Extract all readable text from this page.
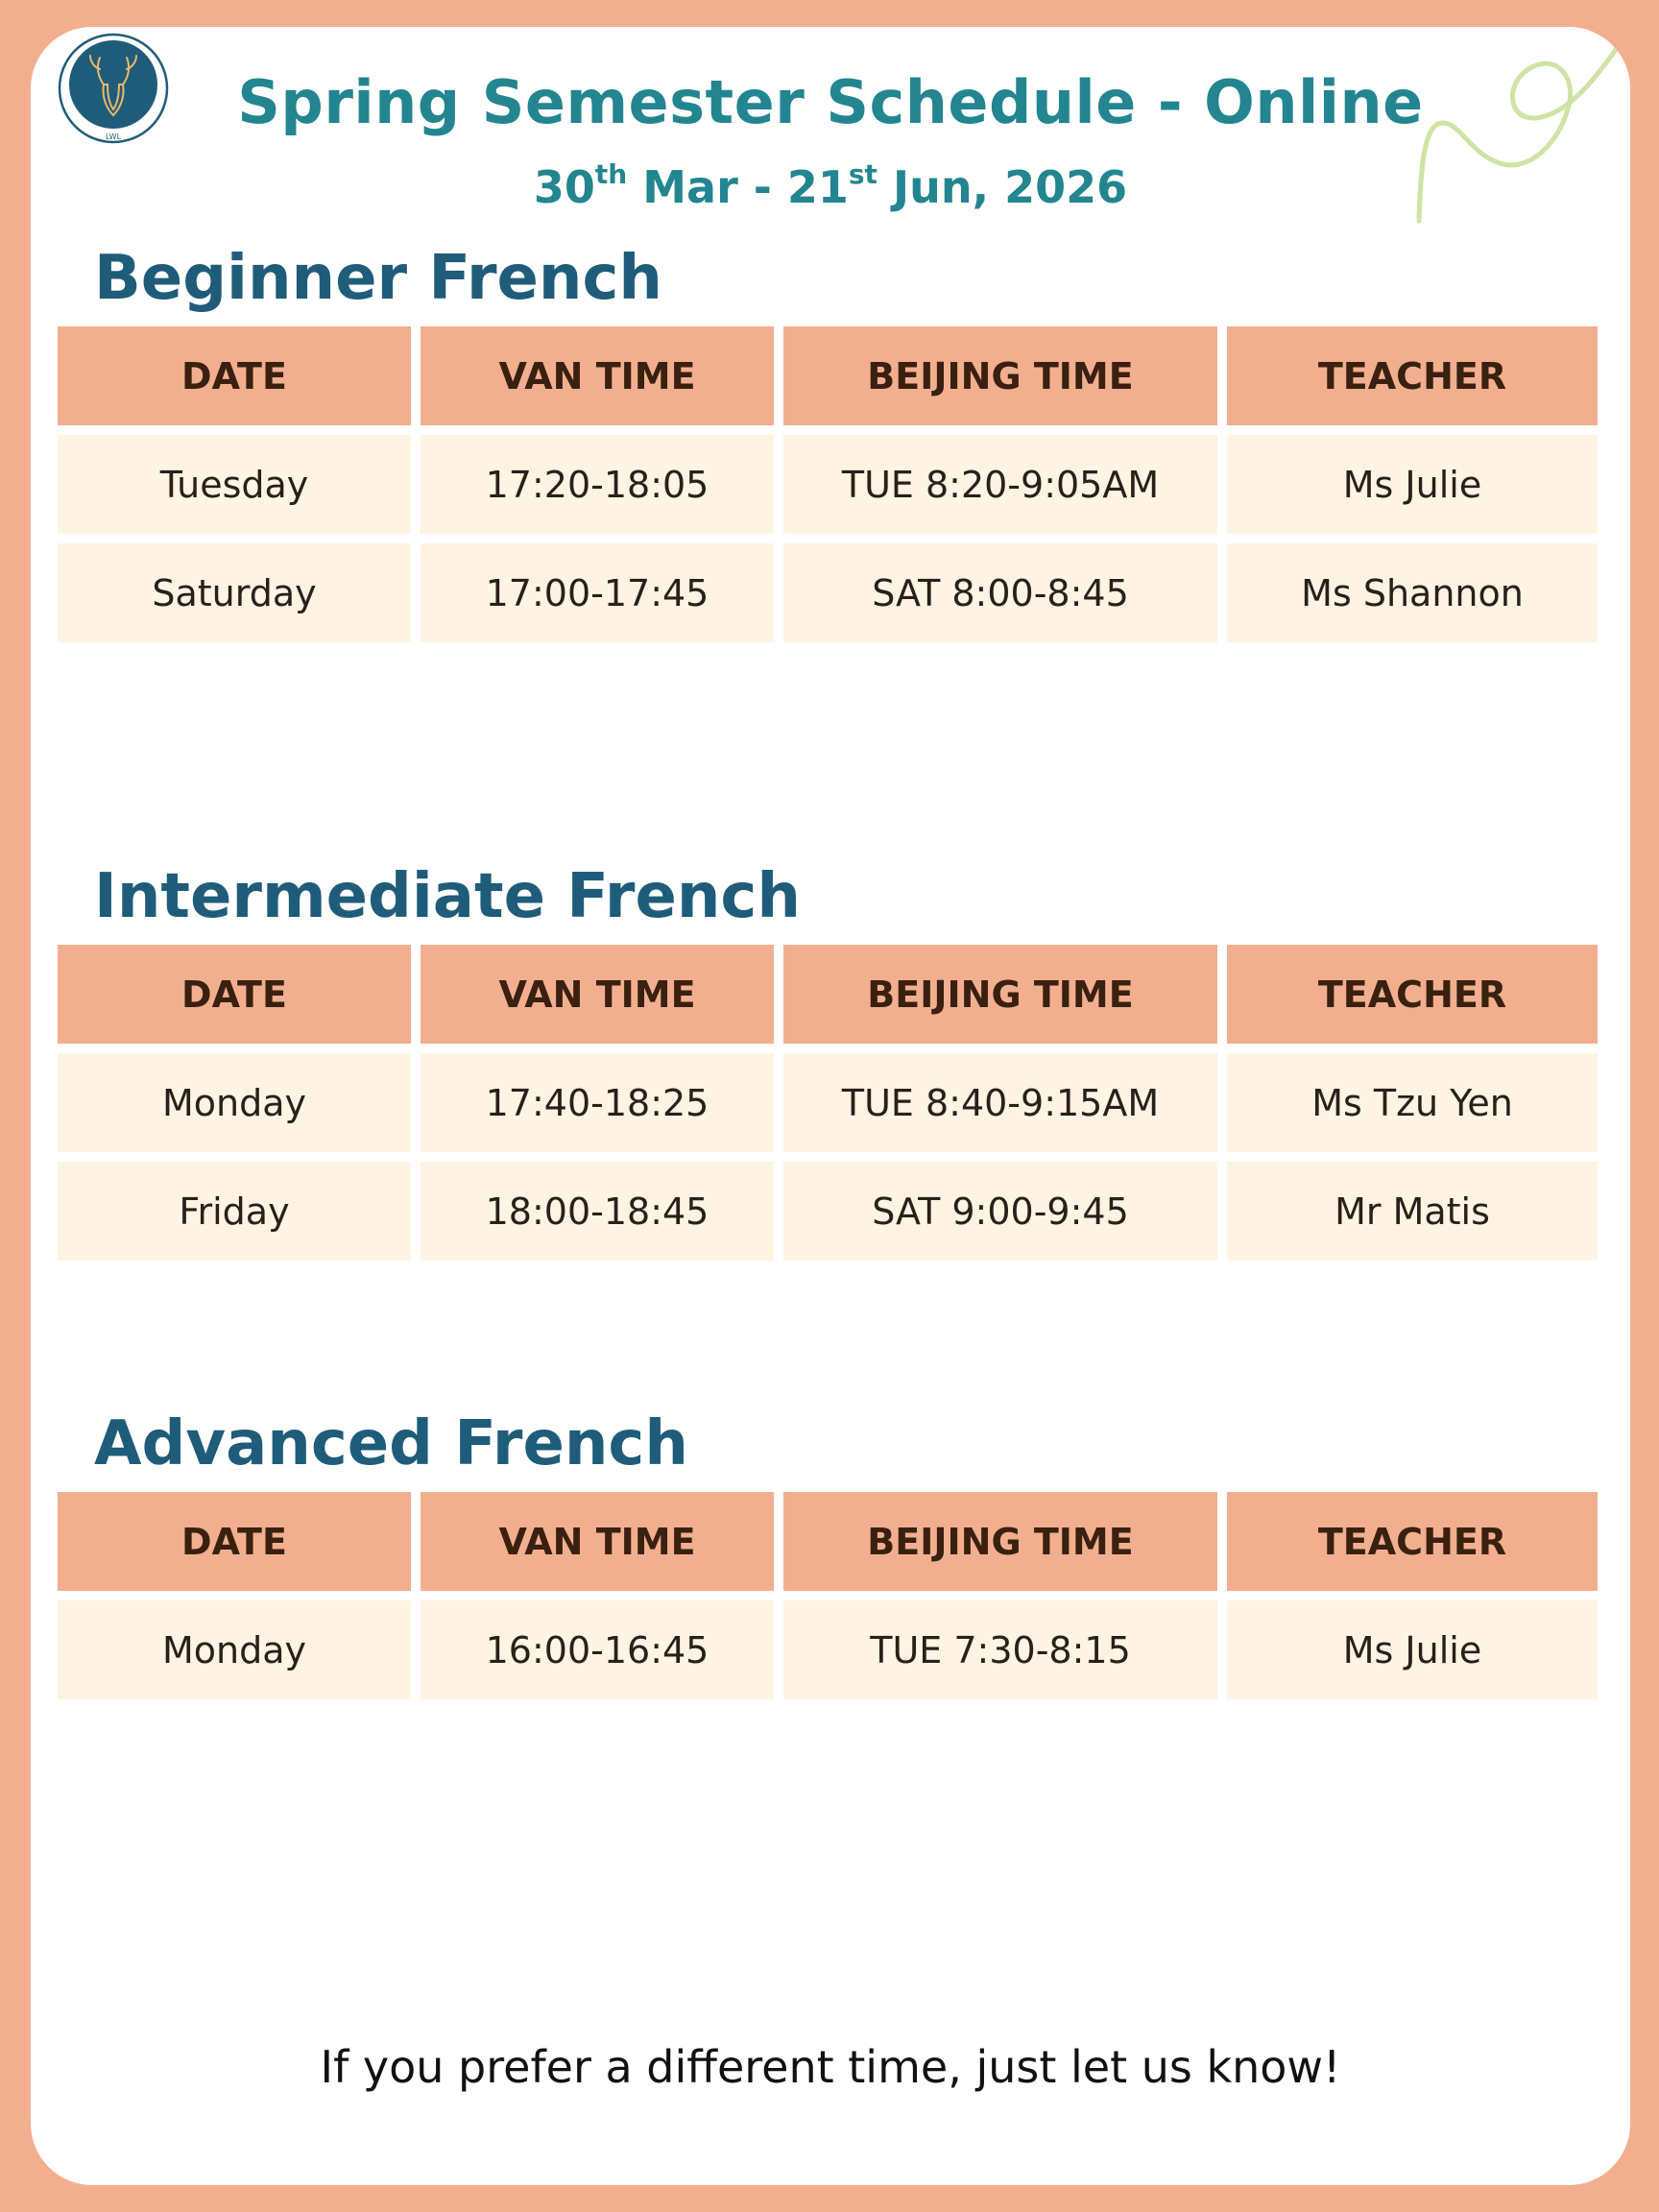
LWL	Spring Semester Schedule - Online
30th Mar - 21st Jun, 2026
Beginner French
DATE	VAN TIME	BEIJING TIME	TEACHER
Tuesday	17:20-18:05	TUE 8:20-9:05AM	Ms Julie
Saturday	17:00-17:45	SAT 8:00-8:45	Ms Shannon
Intermediate French
DATE	VAN TIME	BEIJING TIME	TEACHER
Monday	17:40-18:25	TUE 8:40-9:15AM	Ms Tzu Yen
Friday	18:00-18:45	SAT 9:00-9:45	Mr Matis
Advanced French
DATE	VAN TIME	BEIJING TIME	TEACHER
Monday	16:00-16:45	TUE 7:30-8:15	Ms Julie
If you prefer a different time, just let us know!
